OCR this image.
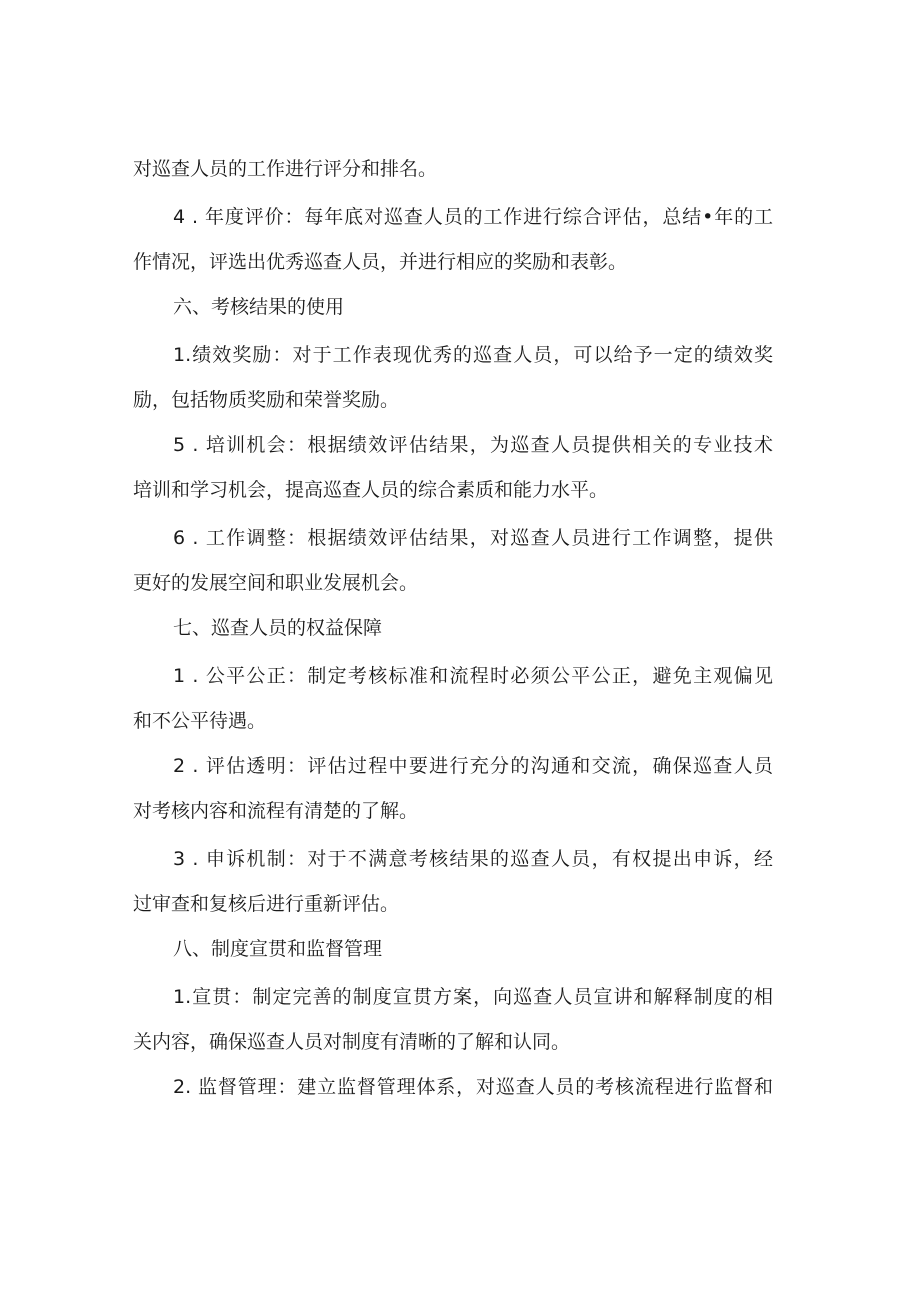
对巡查人员的工作进行评分和排名。
4 . 年度评价：每年底对巡查人员的工作进行综合评估，总结•年的工
作情况，评选出优秀巡查人员，并进行相应的奖励和表彰。
六、考核结果的使用
1.绩效奖励：对于工作表现优秀的巡查人员，可以给予一定的绩效奖
励，包括物质奖励和荣誉奖励。
5 . 培训机会：根据绩效评估结果，为巡查人员提供相关的专业技术
培训和学习机会，提高巡查人员的综合素质和能力水平。
6 . 工作调整：根据绩效评估结果，对巡查人员进行工作调整，提供
更好的发展空间和职业发展机会。
七、巡查人员的权益保障
1 . 公平公正：制定考核标准和流程时必须公平公正，避免主观偏见
和不公平待遇。
2 . 评估透明：评估过程中要进行充分的沟通和交流，确保巡查人员
对考核内容和流程有清楚的了解。
3 . 申诉机制：对于不满意考核结果的巡查人员，有权提出申诉，经
过审查和复核后进行重新评估。
八、制度宣贯和监督管理
1.宣贯：制定完善的制度宣贯方案，向巡查人员宣讲和解释制度的相
关内容，确保巡查人员对制度有清晰的了解和认同。
2. 监督管理：建立监督管理体系，对巡查人员的考核流程进行监督和
